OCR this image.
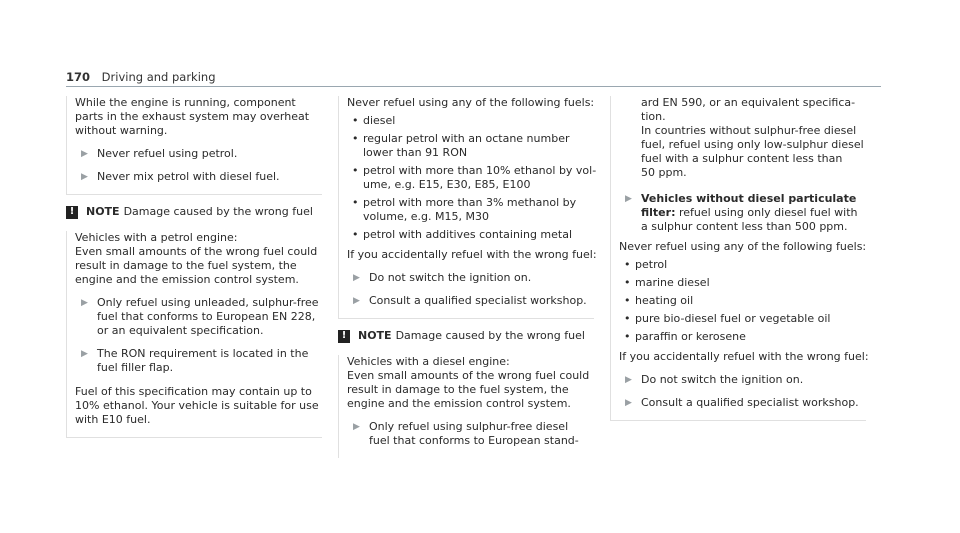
170 Driving and parking

While the engine is running, component

parts in the exhaust system may overheat

without warning.

▶ Never refuel using petrol.

▶ Never mix petrol with diesel fuel.

!	NOTE Damage caused by the wrong fuel

Vehicles with a petrol engine:

Even small amounts of the wrong fuel could

result in damage to the fuel system, the

engine and the emission control system.

▶ Only refuel using unleaded, sulphur-free

fuel that conforms to European EN 228,

or an equivalent specification.

▶ The RON requirement is located in the

fuel filler flap.

Fuel of this specification may contain up to

10% ethanol. Your vehicle is suitable for use

with E10 fuel.

Never refuel using any of the following fuels:

• diesel

• regular petrol with an octane number

lower than 91 RON

• petrol with more than 10% ethanol by vol-

ume, e.g. E15, E30, E85, E100

• petrol with more than 3% methanol by

volume, e.g. M15, M30

• petrol with additives containing metal

If you accidentally refuel with the wrong fuel:

▶ Do not switch the ignition on.

▶ Consult a qualified specialist workshop.

!	NOTE Damage caused by the wrong fuel

Vehicles with a diesel engine:

Even small amounts of the wrong fuel could

result in damage to the fuel system, the

engine and the emission control system.

▶ Only refuel using sulphur-free diesel

fuel that conforms to European stand-

ard EN 590, or an equivalent specifica-

tion.

In countries without sulphur-free diesel

fuel, refuel using only low-sulphur diesel

fuel with a sulphur content less than

50 ppm.

▶ Vehicles without diesel particulate

filter: refuel using only diesel fuel with

a sulphur content less than 500 ppm.

Never refuel using any of the following fuels:

• petrol

• marine diesel

• heating oil

• pure bio-diesel fuel or vegetable oil

• paraffin or kerosene

If you accidentally refuel with the wrong fuel:

▶ Do not switch the ignition on.

▶ Consult a qualified specialist workshop.
